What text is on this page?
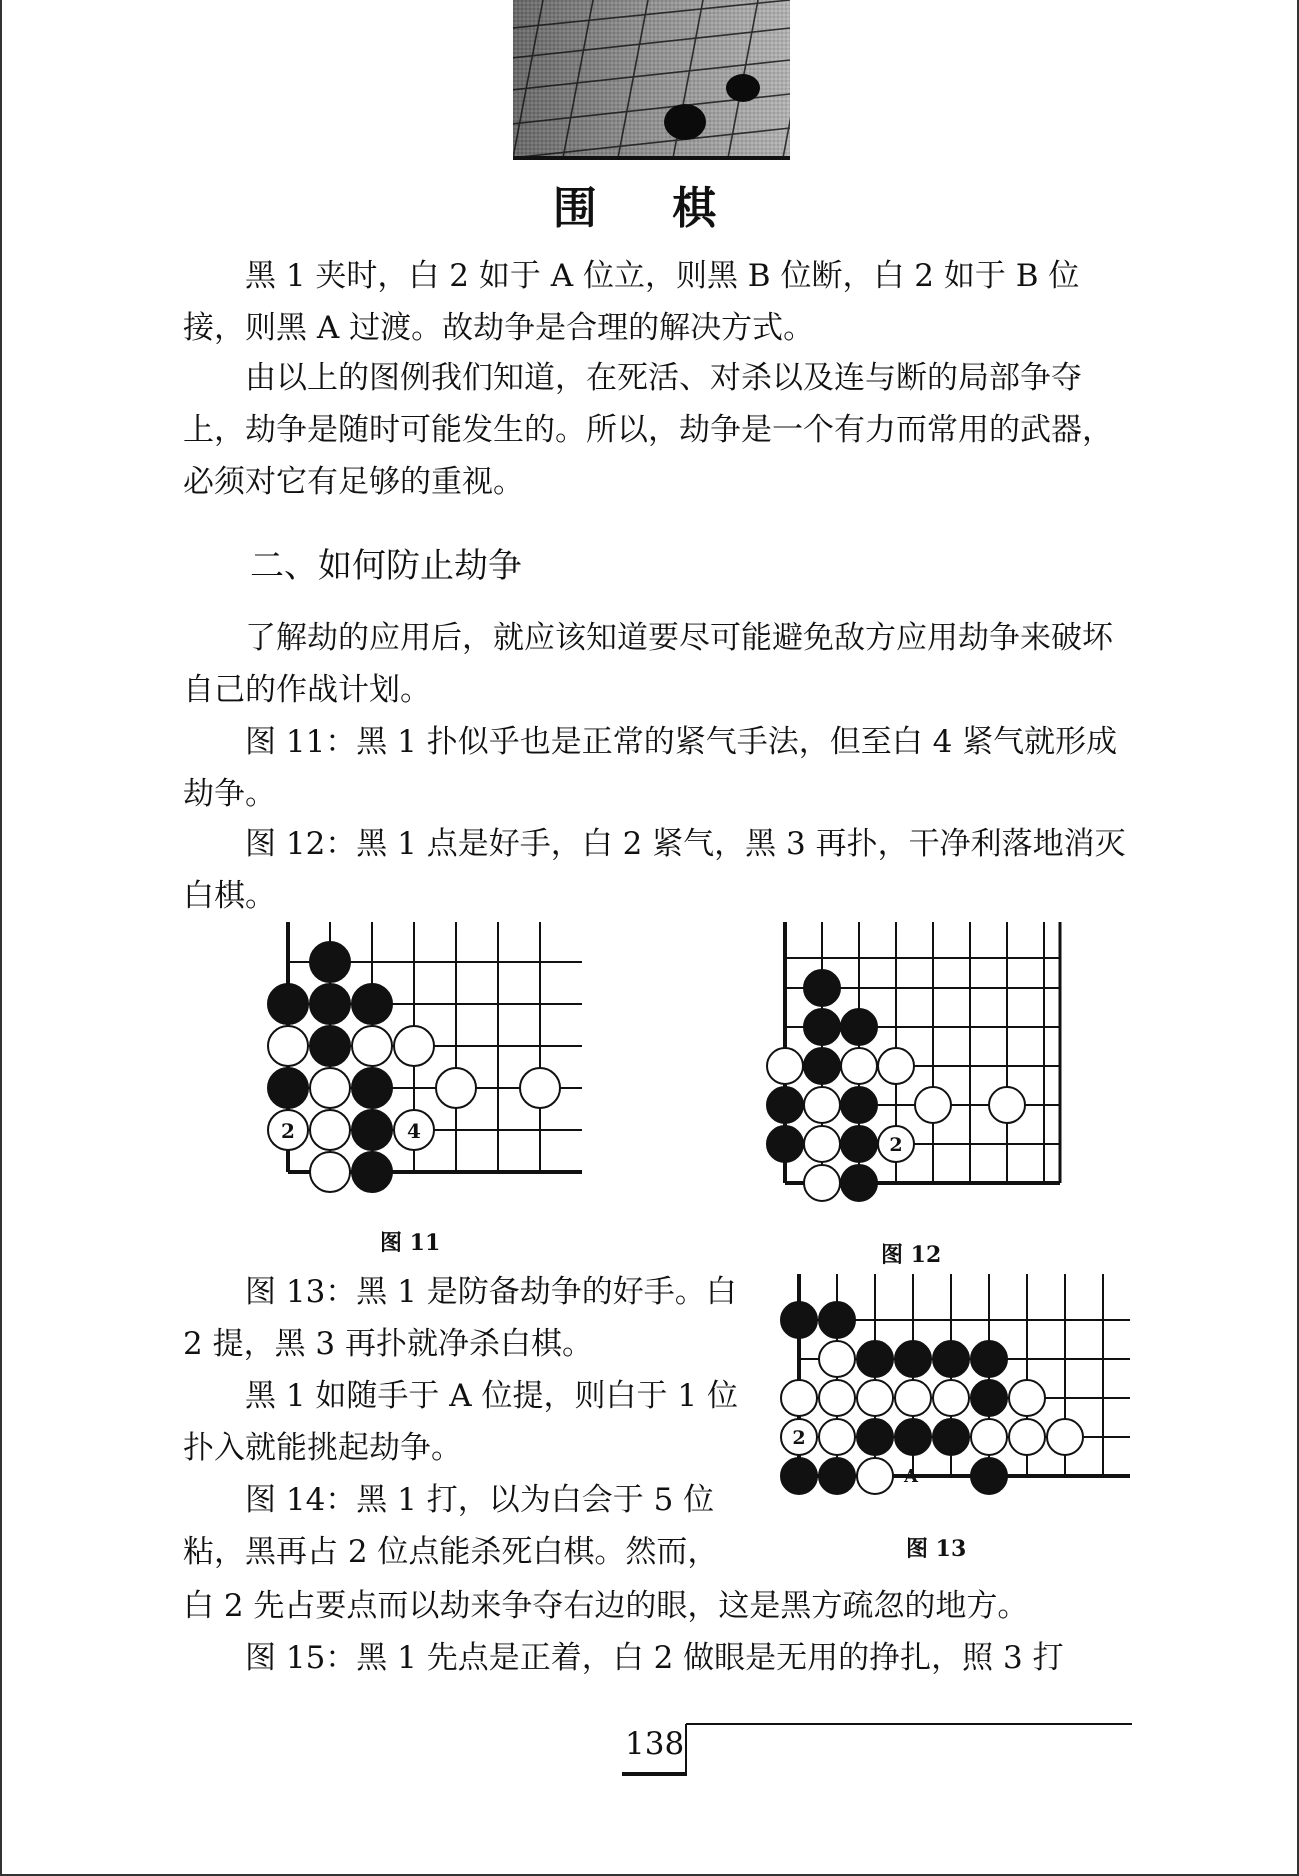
围 棋

　　黑 1 夹时，白 2 如于 A 位立，则黑 B 位断，白 2 如于 B 位接，则黑 A 过渡。故劫争是合理的解决方式。

　　由以上的图例我们知道，在死活、对杀以及连与断的局部争夺上，劫争是随时可能发生的。所以，劫争是一个有力而常用的武器，必须对它有足够的重视。

二、如何防止劫争

　　了解劫的应用后，就应该知道要尽可能避免敌方应用劫争来破坏自己的作战计划。

　　图 11：黑 1 扑似乎也是正常的紧气手法，但至白 4 紧气就形成劫争。

　　图 12：黑 1 点是好手，白 2 紧气，黑 3 再扑，干净利落地消灭白棋。

2	4
图 11
2
图 12

　　图 13：黑 1 是防备劫争的好手。白 2 提，黑 3 再扑就净杀白棋。

　　黑 1 如随手于 A 位提，则白于 1 位扑入就能挑起劫争。

　　图 14：黑 1 打，以为白会于 5 位粘，黑再占 2 位点能杀死白棋。然而，

2
A
图 13

白 2 先占要点而以劫来争夺右边的眼，这是黑方疏忽的地方。

　　图 15：黑 1 先点是正着，白 2 做眼是无用的挣扎，照 3 打

138
